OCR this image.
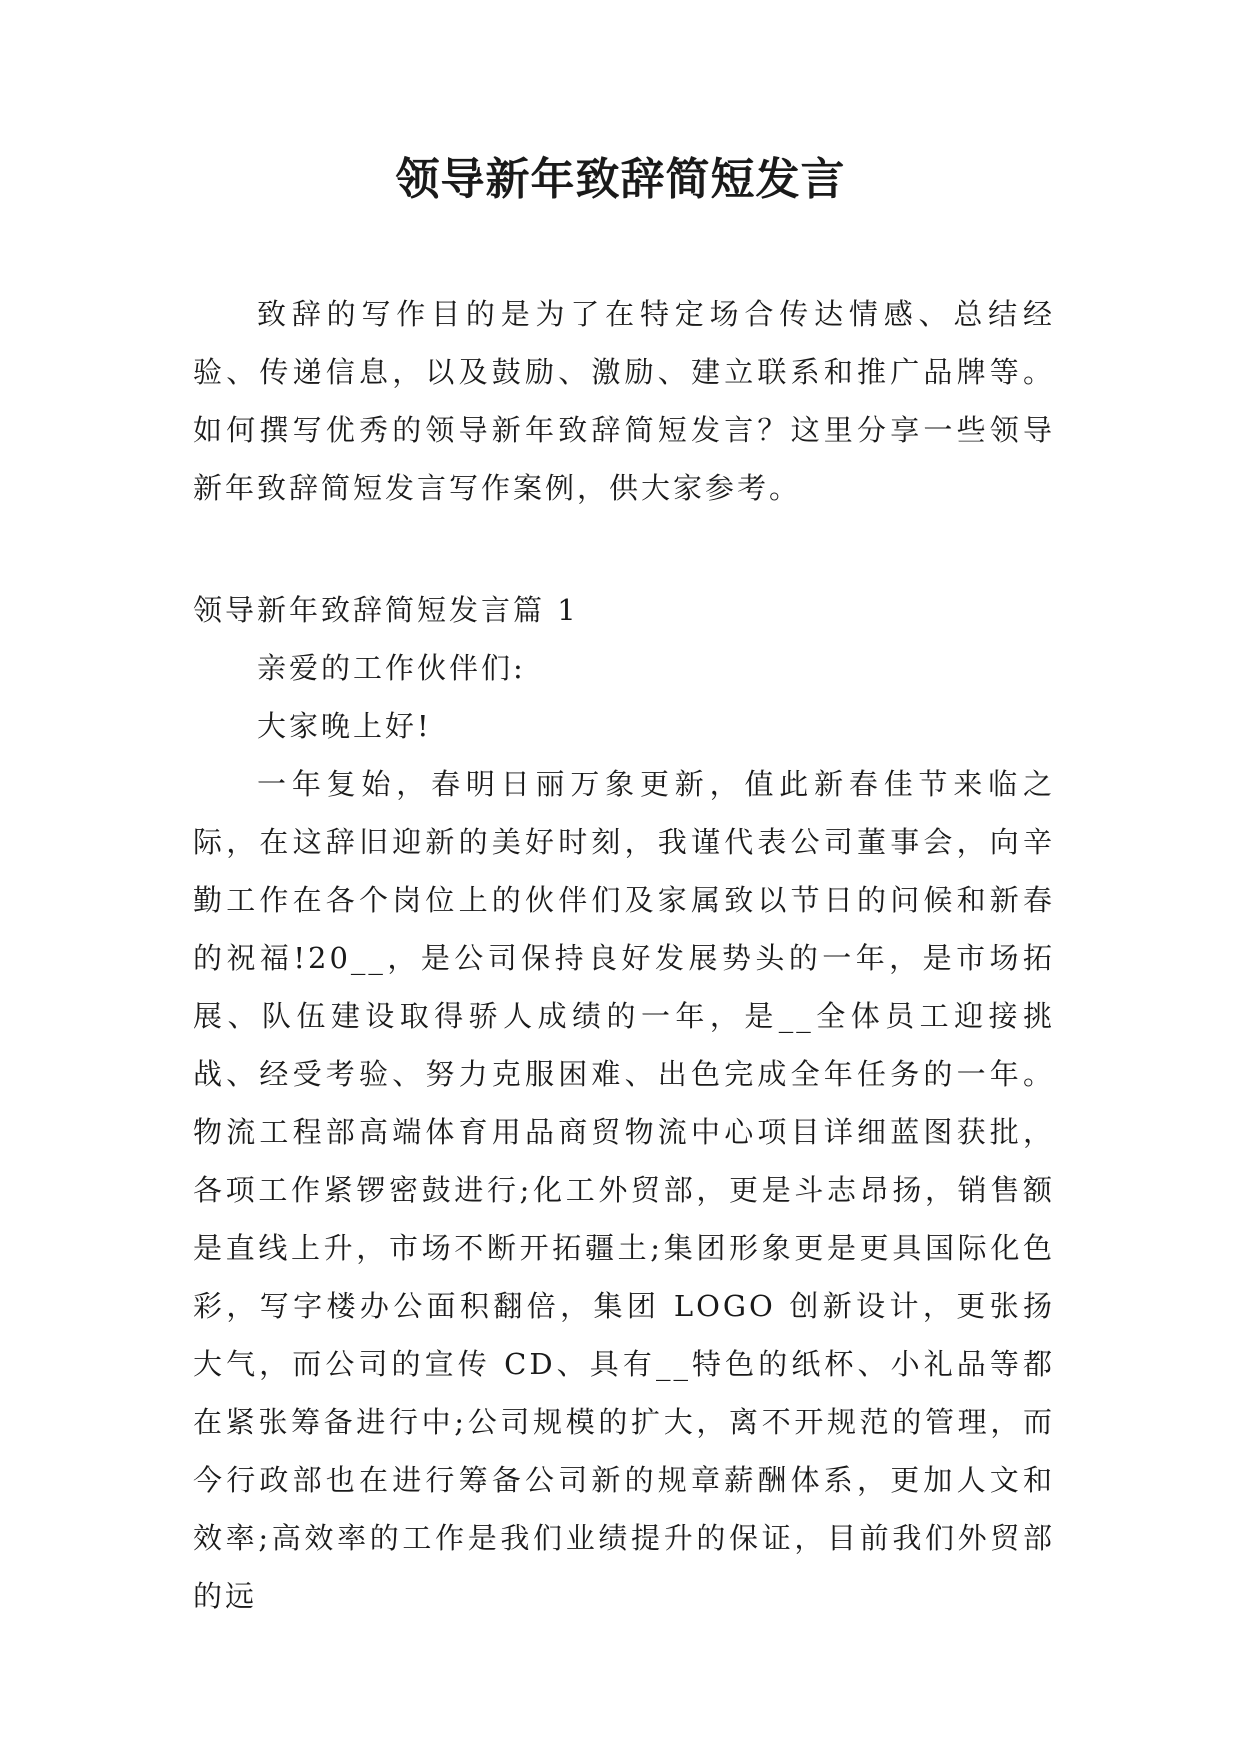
领导新年致辞简短发言

致辞的写作目的是为了在特定场合传达情感、总结经验、传递信息，以及鼓励、激励、建立联系和推广品牌等。如何撰写优秀的领导新年致辞简短发言？这里分享一些领导新年致辞简短发言写作案例，供大家参考。

领导新年致辞简短发言篇 1

亲爱的工作伙伴们:

大家晚上好!

一年复始，春明日丽万象更新，值此新春佳节来临之际，在这辞旧迎新的美好时刻，我谨代表公司董事会，向辛勤工作在各个岗位上的伙伴们及家属致以节日的问候和新春的祝福!20__，是公司保持良好发展势头的一年，是市场拓展、队伍建设取得骄人成绩的一年，是__全体员工迎接挑战、经受考验、努力克服困难、出色完成全年任务的一年。物流工程部高端体育用品商贸物流中心项目详细蓝图获批，各项工作紧锣密鼓进行;化工外贸部，更是斗志昂扬，销售额是直线上升，市场不断开拓疆土;集团形象更是更具国际化色彩，写字楼办公面积翻倍，集团 LOGO 创新设计，更张扬大气，而公司的宣传 CD、具有__特色的纸杯、小礼品等都在紧张筹备进行中;公司规模的扩大，离不开规范的管理，而今行政部也在进行筹备公司新的规章薪酬体系，更加人文和效率;高效率的工作是我们业绩提升的保证，目前我们外贸部的远
